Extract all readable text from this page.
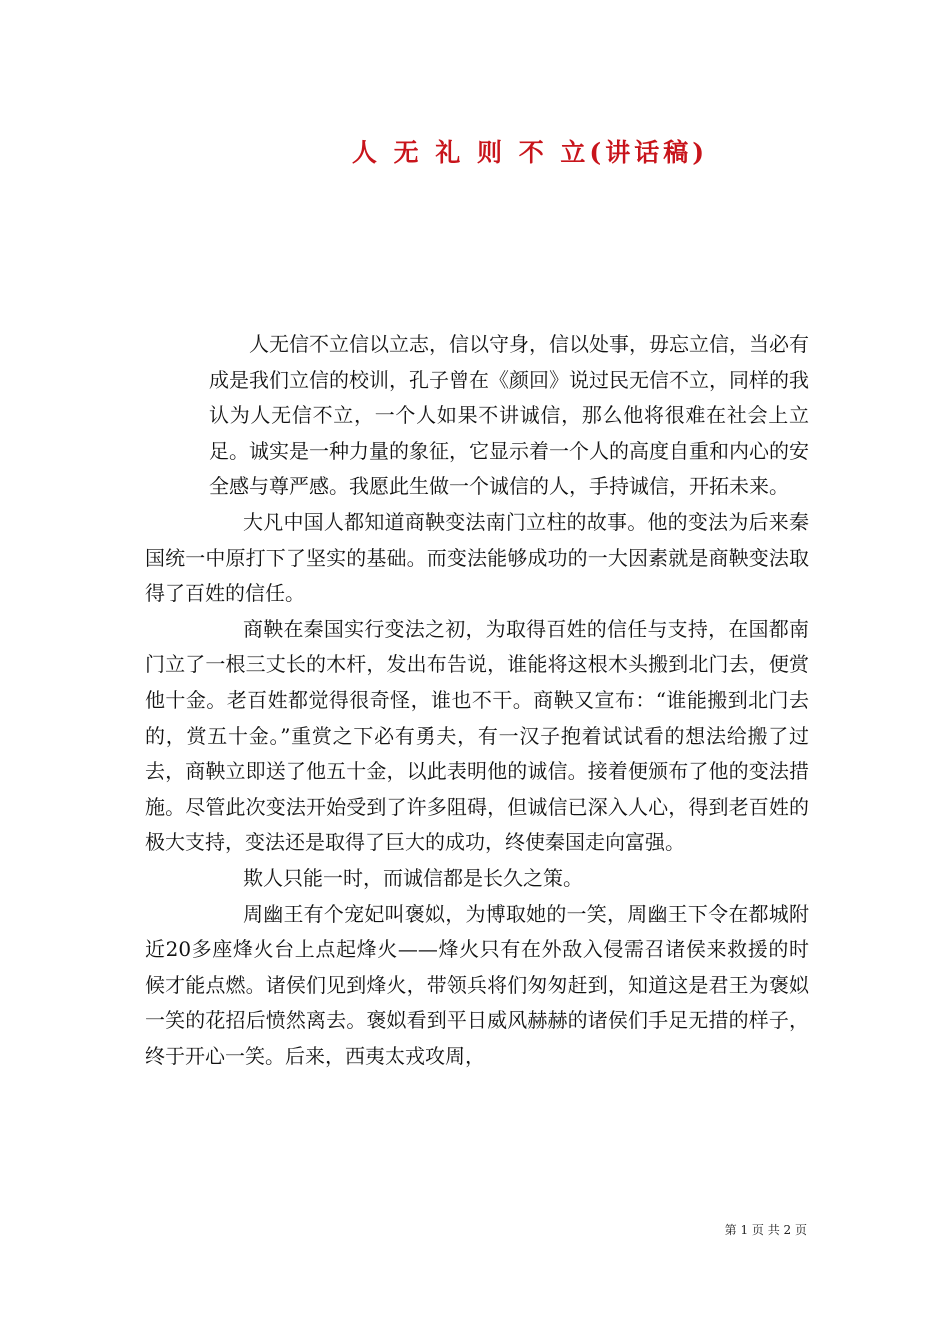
人 无 礼 则 不 立(讲话稿)

人无信不立信以立志，信以守身，信以处事，毋忘立信，当必有成是我们立信的校训，孔子曾在《颜回》说过民无信不立，同样的我认为人无信不立，一个人如果不讲诚信，那么他将很难在社会上立足。诚实是一种力量的象征，它显示着一个人的高度自重和内心的安全感与尊严感。我愿此生做一个诚信的人，手持诚信，开拓未来。

大凡中国人都知道商鞅变法南门立柱的故事。他的变法为后来秦国统一中原打下了坚实的基础。而变法能够成功的一大因素就是商鞅变法取得了百姓的信任。

商鞅在秦国实行变法之初，为取得百姓的信任与支持，在国都南门立了一根三丈长的木杆，发出布告说，谁能将这根木头搬到北门去，便赏他十金。老百姓都觉得很奇怪，谁也不干。商鞅又宣布：“谁能搬到北门去的，赏五十金。”重赏之下必有勇夫，有一汉子抱着试试看的想法给搬了过去，商鞅立即送了他五十金，以此表明他的诚信。接着便颁布了他的变法措施。尽管此次变法开始受到了许多阻碍，但诚信已深入人心，得到老百姓的极大支持，变法还是取得了巨大的成功，终使秦国走向富强。

欺人只能一时，而诚信都是长久之策。

周幽王有个宠妃叫褒姒，为博取她的一笑，周幽王下令在都城附近20多座烽火台上点起烽火——烽火只有在外敌入侵需召诸侯来救援的时候才能点燃。诸侯们见到烽火，带领兵将们匆匆赶到，知道这是君王为褒姒一笑的花招后愤然离去。褒姒看到平日威风赫赫的诸侯们手足无措的样子，终于开心一笑。后来，西夷太戎攻周，

第 1 页 共 2 页
